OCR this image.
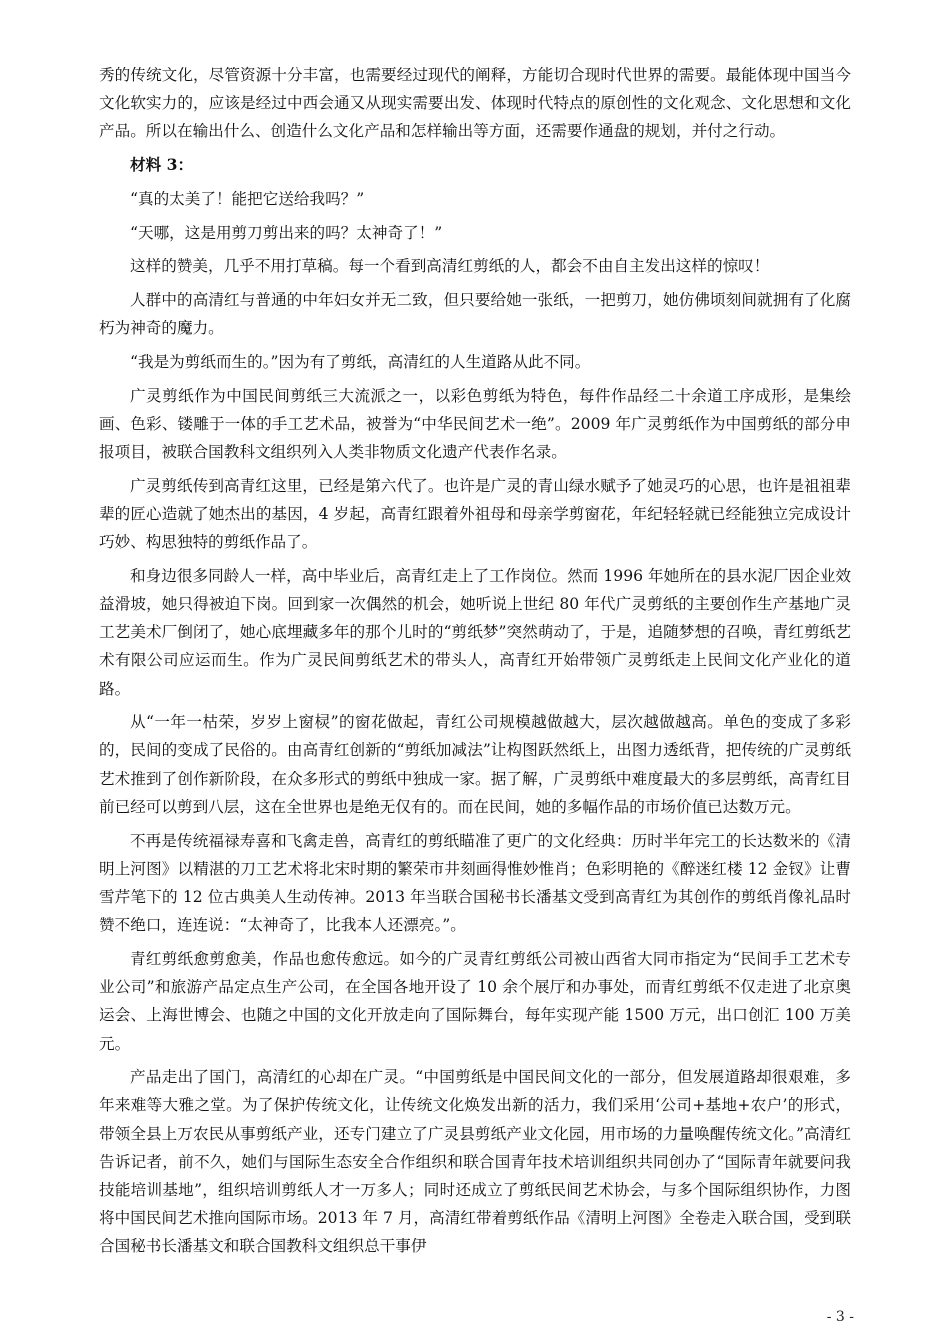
秀的传统文化，尽管资源十分丰富，也需要经过现代的阐释，方能切合现时代世界的需要。最能体现中国当今文化软实力的，应该是经过中西会通又从现实需要出发、体现时代特点的原创性的文化观念、文化思想和文化产品。所以在输出什么、创造什么文化产品和怎样输出等方面，还需要作通盘的规划，并付之行动。

材料 3：

“真的太美了！能把它送给我吗？”

“天哪，这是用剪刀剪出来的吗？太神奇了！”

这样的赞美，几乎不用打草稿。每一个看到高清红剪纸的人，都会不由自主发出这样的惊叹！

人群中的高清红与普通的中年妇女并无二致，但只要给她一张纸，一把剪刀，她仿佛顷刻间就拥有了化腐朽为神奇的魔力。

“我是为剪纸而生的。”因为有了剪纸，高清红的人生道路从此不同。

广灵剪纸作为中国民间剪纸三大流派之一，以彩色剪纸为特色，每件作品经二十余道工序成形，是集绘画、色彩、镂雕于一体的手工艺术品，被誉为“中华民间艺术一绝”。2009 年广灵剪纸作为中国剪纸的部分申报项目，被联合国教科文组织列入人类非物质文化遗产代表作名录。

广灵剪纸传到高青红这里，已经是第六代了。也许是广灵的青山绿水赋予了她灵巧的心思，也许是祖祖辈辈的匠心造就了她杰出的基因，4 岁起，高青红跟着外祖母和母亲学剪窗花，年纪轻轻就已经能独立完成设计巧妙、构思独特的剪纸作品了。

和身边很多同龄人一样，高中毕业后，高青红走上了工作岗位。然而 1996 年她所在的县水泥厂因企业效益滑坡，她只得被迫下岗。回到家一次偶然的机会，她听说上世纪 80 年代广灵剪纸的主要创作生产基地广灵工艺美术厂倒闭了，她心底埋藏多年的那个儿时的“剪纸梦”突然萌动了，于是，追随梦想的召唤，青红剪纸艺术有限公司应运而生。作为广灵民间剪纸艺术的带头人，高青红开始带领广灵剪纸走上民间文化产业化的道路。

从“一年一枯荣，岁岁上窗棂”的窗花做起，青红公司规模越做越大，层次越做越高。单色的变成了多彩的，民间的变成了民俗的。由高青红创新的“剪纸加减法”让构图跃然纸上，出图力透纸背，把传统的广灵剪纸艺术推到了创作新阶段，在众多形式的剪纸中独成一家。据了解，广灵剪纸中难度最大的多层剪纸，高青红目前已经可以剪到八层，这在全世界也是绝无仅有的。而在民间，她的多幅作品的市场价值已达数万元。

不再是传统福禄寿喜和飞禽走兽，高青红的剪纸瞄准了更广的文化经典：历时半年完工的长达数米的《清明上河图》以精湛的刀工艺术将北宋时期的繁荣市井刻画得惟妙惟肖；色彩明艳的《醉迷红楼 12 金钗》让曹雪芹笔下的 12 位古典美人生动传神。2013 年当联合国秘书长潘基文受到高青红为其创作的剪纸肖像礼品时赞不绝口，连连说：“太神奇了，比我本人还漂亮。”。

青红剪纸愈剪愈美，作品也愈传愈远。如今的广灵青红剪纸公司被山西省大同市指定为“民间手工艺术专业公司”和旅游产品定点生产公司，在全国各地开设了 10 余个展厅和办事处，而青红剪纸不仅走进了北京奥运会、上海世博会、也随之中国的文化开放走向了国际舞台，每年实现产能 1500 万元，出口创汇 100 万美元。

产品走出了国门，高清红的心却在广灵。“中国剪纸是中国民间文化的一部分，但发展道路却很艰难，多年来难等大雅之堂。为了保护传统文化，让传统文化焕发出新的活力，我们采用‘公司+基地+农户’的形式，带领全县上万农民从事剪纸产业，还专门建立了广灵县剪纸产业文化园，用市场的力量唤醒传统文化。”高清红告诉记者，前不久，她们与国际生态安全合作组织和联合国青年技术培训组织共同创办了“国际青年就要问我技能培训基地”，组织培训剪纸人才一万多人；同时还成立了剪纸民间艺术协会，与多个国际组织协作，力图将中国民间艺术推向国际市场。2013 年 7 月，高清红带着剪纸作品《清明上河图》全卷走入联合国，受到联合国秘书长潘基文和联合国教科文组织总干事伊

- 3 -
